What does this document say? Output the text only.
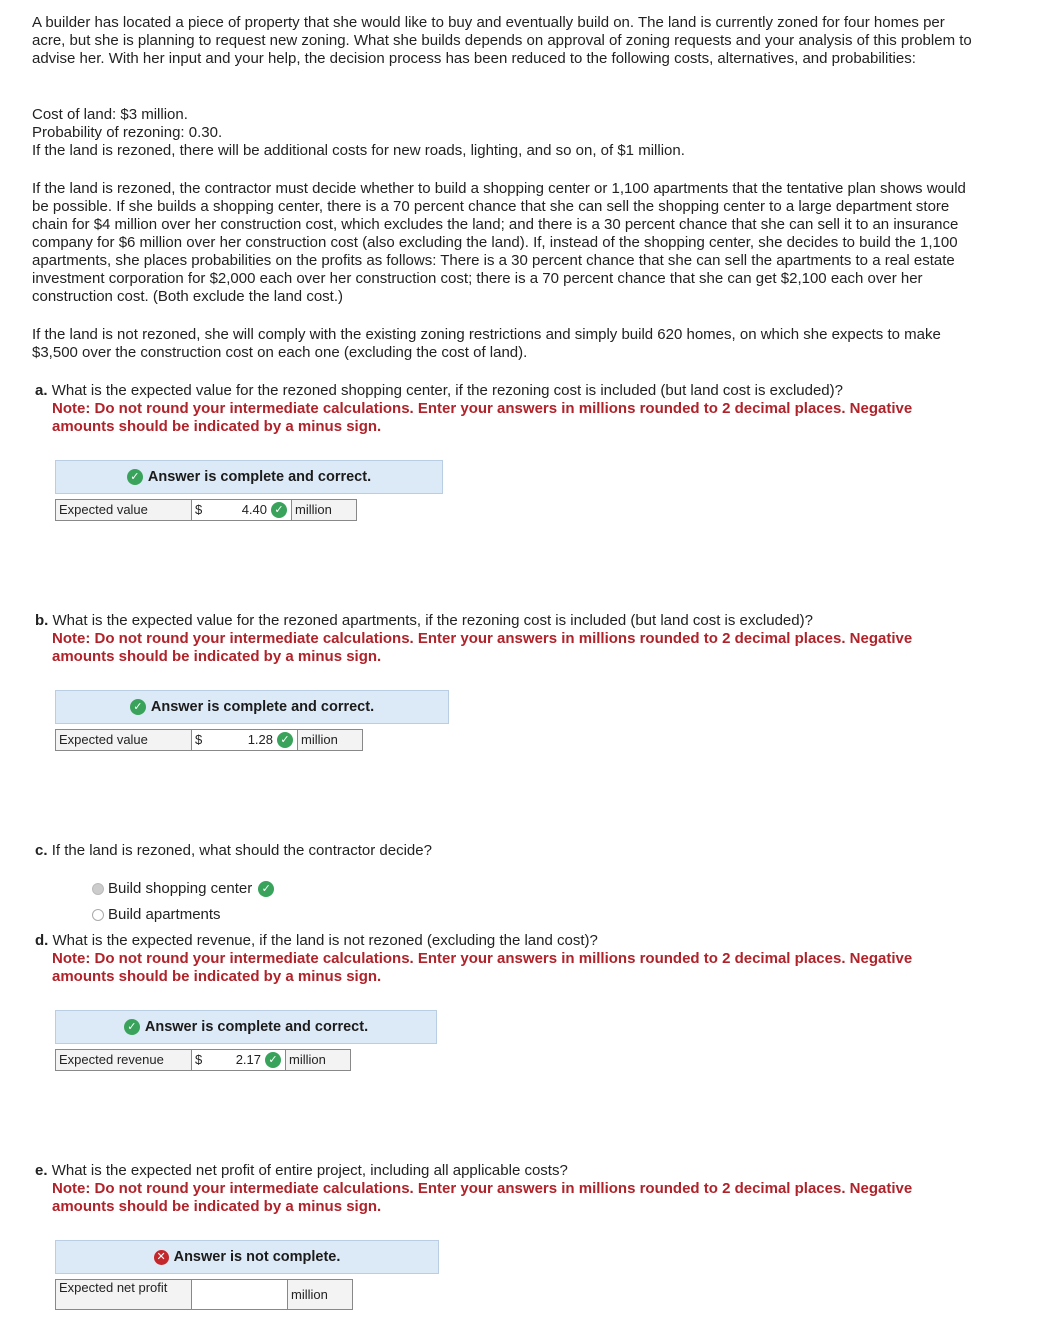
A builder has located a piece of property that she would like to buy and eventually build on. The land is currently zoned for four homes per acre, but she is planning to request new zoning. What she builds depends on approval of zoning requests and your analysis of this problem to advise her. With her input and your help, the decision process has been reduced to the following costs, alternatives, and probabilities:

Cost of land: $3 million.
Probability of rezoning: 0.30.
If the land is rezoned, there will be additional costs for new roads, lighting, and so on, of $1 million.

If the land is rezoned, the contractor must decide whether to build a shopping center or 1,100 apartments that the tentative plan shows would be possible. If she builds a shopping center, there is a 70 percent chance that she can sell the shopping center to a large department store chain for $4 million over her construction cost, which excludes the land; and there is a 30 percent chance that she can sell it to an insurance company for $6 million over her construction cost (also excluding the land). If, instead of the shopping center, she decides to build the 1,100 apartments, she places probabilities on the profits as follows: There is a 30 percent chance that she can sell the apartments to a real estate investment corporation for $2,000 each over her construction cost; there is a 70 percent chance that she can get $2,100 each over her construction cost. (Both exclude the land cost.)

If the land is not rezoned, she will comply with the existing zoning restrictions and simply build 620 homes, on which she expects to make $3,500 over the construction cost on each one (excluding the cost of land).

a. What is the expected value for the rezoned shopping center, if the rezoning cost is included (but land cost is excluded)?
Note: Do not round your intermediate calculations. Enter your answers in millions rounded to 2 decimal places. Negative amounts should be indicated by a minus sign.
✓ Answer is complete and correct.
Expected value	$	4.40 ✓ million
b. What is the expected value for the rezoned apartments, if the rezoning cost is included (but land cost is excluded)?
Note: Do not round your intermediate calculations. Enter your answers in millions rounded to 2 decimal places. Negative amounts should be indicated by a minus sign.
✓ Answer is complete and correct.
Expected value	$	1.28 ✓ million
c. If the land is rezoned, what should the contractor decide?
Build shopping center ✓
Build apartments
d. What is the expected revenue, if the land is not rezoned (excluding the land cost)?
Note: Do not round your intermediate calculations. Enter your answers in millions rounded to 2 decimal places. Negative amounts should be indicated by a minus sign.
✓ Answer is complete and correct.
Expected revenue	$	2.17 ✓ million
e. What is the expected net profit of entire project, including all applicable costs?
Note: Do not round your intermediate calculations. Enter your answers in millions rounded to 2 decimal places. Negative amounts should be indicated by a minus sign.
✕ Answer is not complete.
Expected net profit	million
